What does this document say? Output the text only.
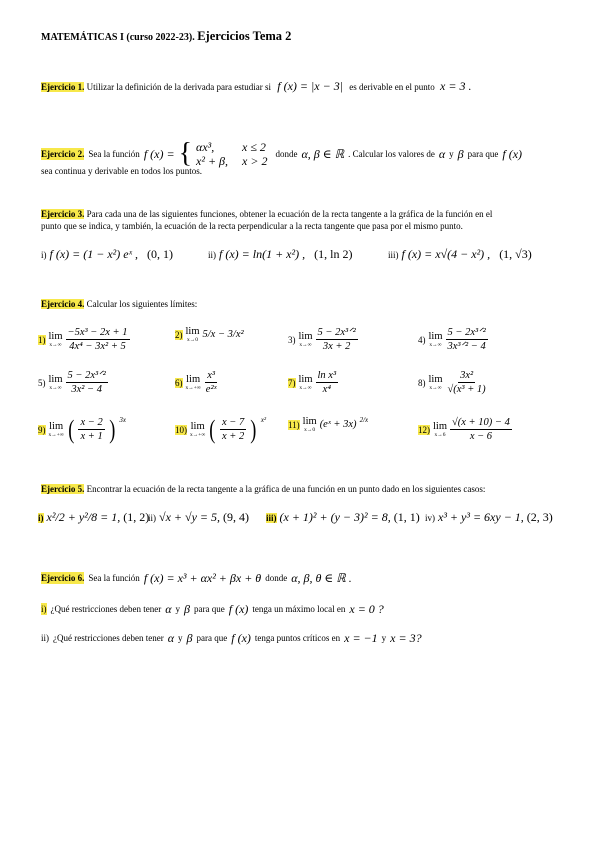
MATEMÁTICAS I (curso 2022-23). Ejercicios Tema 2
Ejercicio 1. Utilizar la definición de la derivada para estudiar si f (x) = |x − 3| es derivable en el punto x = 3 .
Ejercicio 2. Sea la función f (x) = { αx³,	x ≤ 2
x² + β, x > 2 donde α, β ∈ ℝ . Calcular los valores de α y β para que f (x)
sea continua y derivable en todos los puntos.
Ejercicio 3. Para cada una de las siguientes funciones, obtener la ecuación de la recta tangente a la gráfica de la función en el
punto que se indica, y también, la ecuación de la recta perpendicular a la recta tangente que pasa por el mismo punto.
i) f (x) = (1 − x²) eˣ , (0, 1)	ii) f (x) = ln(1 + x²) , (1, ln 2)	iii) f (x) = x√(4 − x²) , (1, √3)
Ejercicio 4. Calcular los siguientes límites:
1) lim
$x\to\infty \frac{\text{−5x³ − 2x + 1}}{\text{4x⁴ − 3x² + 5}}$	2) lim
x→0 5/x − 3/x²	3) lim
$x\to\infty \frac{\text{5 − 2x³ᐟ²}}{3x + 2}$	4) lim
$x\to\infty \frac{\text{5 − 2x³ᐟ²}}{\text{3x³ᐟ² − 4}}$
5) lim
$x\to\infty \frac{\text{5 − 2x³ᐟ²}}{\text{3x² − 4}}$	6) lim
$x\to+\infty \frac{\text{x³}}{\text{e²ˣ}}$	7) lim
$x\to\infty \frac{\text{ln x³}}{\text{x⁴}}$	8) lim
$x\to\infty \frac{\text{3x²}}{\text{√(x³ + 1)}}$
9) lim
x→+∞ ( $\frac{x - 2}{x + 1}$ ) $^{3x}$
10) lim
x→+∞ ( $\frac{x - 7}{x + 2}$ ) $^{x^2}$ 11) lim
x→0 (eˣ + 3x) $^{2/x}$
12) lim
$x\to 6 \frac{√(x + 10) - 4}{x - 6}$
Ejercicio 5. Encontrar la ecuación de la recta tangente a la gráfica de una función en un punto dado en los siguientes casos:
i) x²/2 + y²/8 = 1, (1, 2)
ii) √x + √y = 5, (9, 4) iii) (x + 1)² + (y − 3)² = 8, (1, 1) iv) x³ + y³ = 6xy − 1, (2, 3)
Ejercicio 6. Sea la función f (x) = x³ + αx² + βx + θ donde α, β, θ ∈ ℝ .
i) ¿Qué restricciones deben tener α y β para que f (x) tenga un máximo local en x = 0 ?
ii) ¿Qué restricciones deben tener α y β para que f (x) tenga puntos críticos en x = −1 y x = 3?
